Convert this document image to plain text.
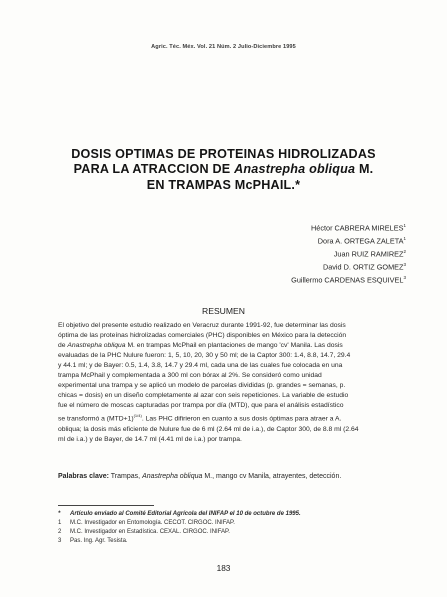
Agric. Téc. Méx. Vol. 21 Núm. 2 Julio-Diciembre 1995
DOSIS OPTIMAS DE PROTEINAS HIDROLIZADAS
PARA LA ATRACCION DE Anastrepha obliqua M.
EN TRAMPAS McPHAIL.*
Héctor CABRERA MIRELES$^1$
Dora A. ORTEGA ZALETA$^1$
Juan RUIZ RAMIREZ$^2$
David D. ORTIZ GOMEZ$^3$
Guillermo CARDENAS ESQUIVEL$^3$
RESUMEN
El objetivo del presente estudio realizado en Veracruz durante 1991-92, fue determinar las dosis
óptima de las proteínas hidrolizadas comerciales (PHC) disponibles en México para la detección
de Anastrepha obliqua M. en trampas McPhail en plantaciones de mango 'cv' Manila. Las dosis
evaluadas de la PHC Nulure fueron: 1, 5, 10, 20, 30 y 50 ml; de la Captor 300: 1.4, 8.8, 14.7, 29.4
y 44.1 ml; y de Bayer: 0.5, 1.4, 3.8, 14.7 y 29.4 ml, cada una de las cuales fue colocada en una
trampa McPhail y complementada a 300 ml con bórax al 2%. Se consideró como unidad
experimental una trampa y se aplicó un modelo de parcelas divididas (p. grandes = semanas, p.
chicas = dosis) en un diseño completamente al azar con seis repeticiones. La variable de estudio
fue el número de moscas capturadas por trampa por día (MTD), que para el análisis estadístico
se transformó a $(MTD+1)^{(1/4)}$. Las PHC difirieron en cuanto a sus dosis óptimas para atraer a A.
obliqua; la dosis más eficiente de Nulure fue de 6 ml (2.64 ml de i.a.), de Captor 300, de 8.8 ml (2.64
ml de i.a.) y de Bayer, de 14.7 ml (4.41 ml de i.a.) por trampa.
Palabras clave: Trampas, Anastrepha obliqua M., mango cv Manila, atrayentes, detección.
*	Artículo enviado al Comité Editorial Agrícola del INIFAP el 10 de octubre de 1995.
1	M.C. Investigador en Entomología. CECOT. CIRGOC. INIFAP.
2	M.C. Investigador en Estadística. CEXAL. CIRGOC. INIFAP.
3	Pas. Ing. Agr. Tesista.
183
